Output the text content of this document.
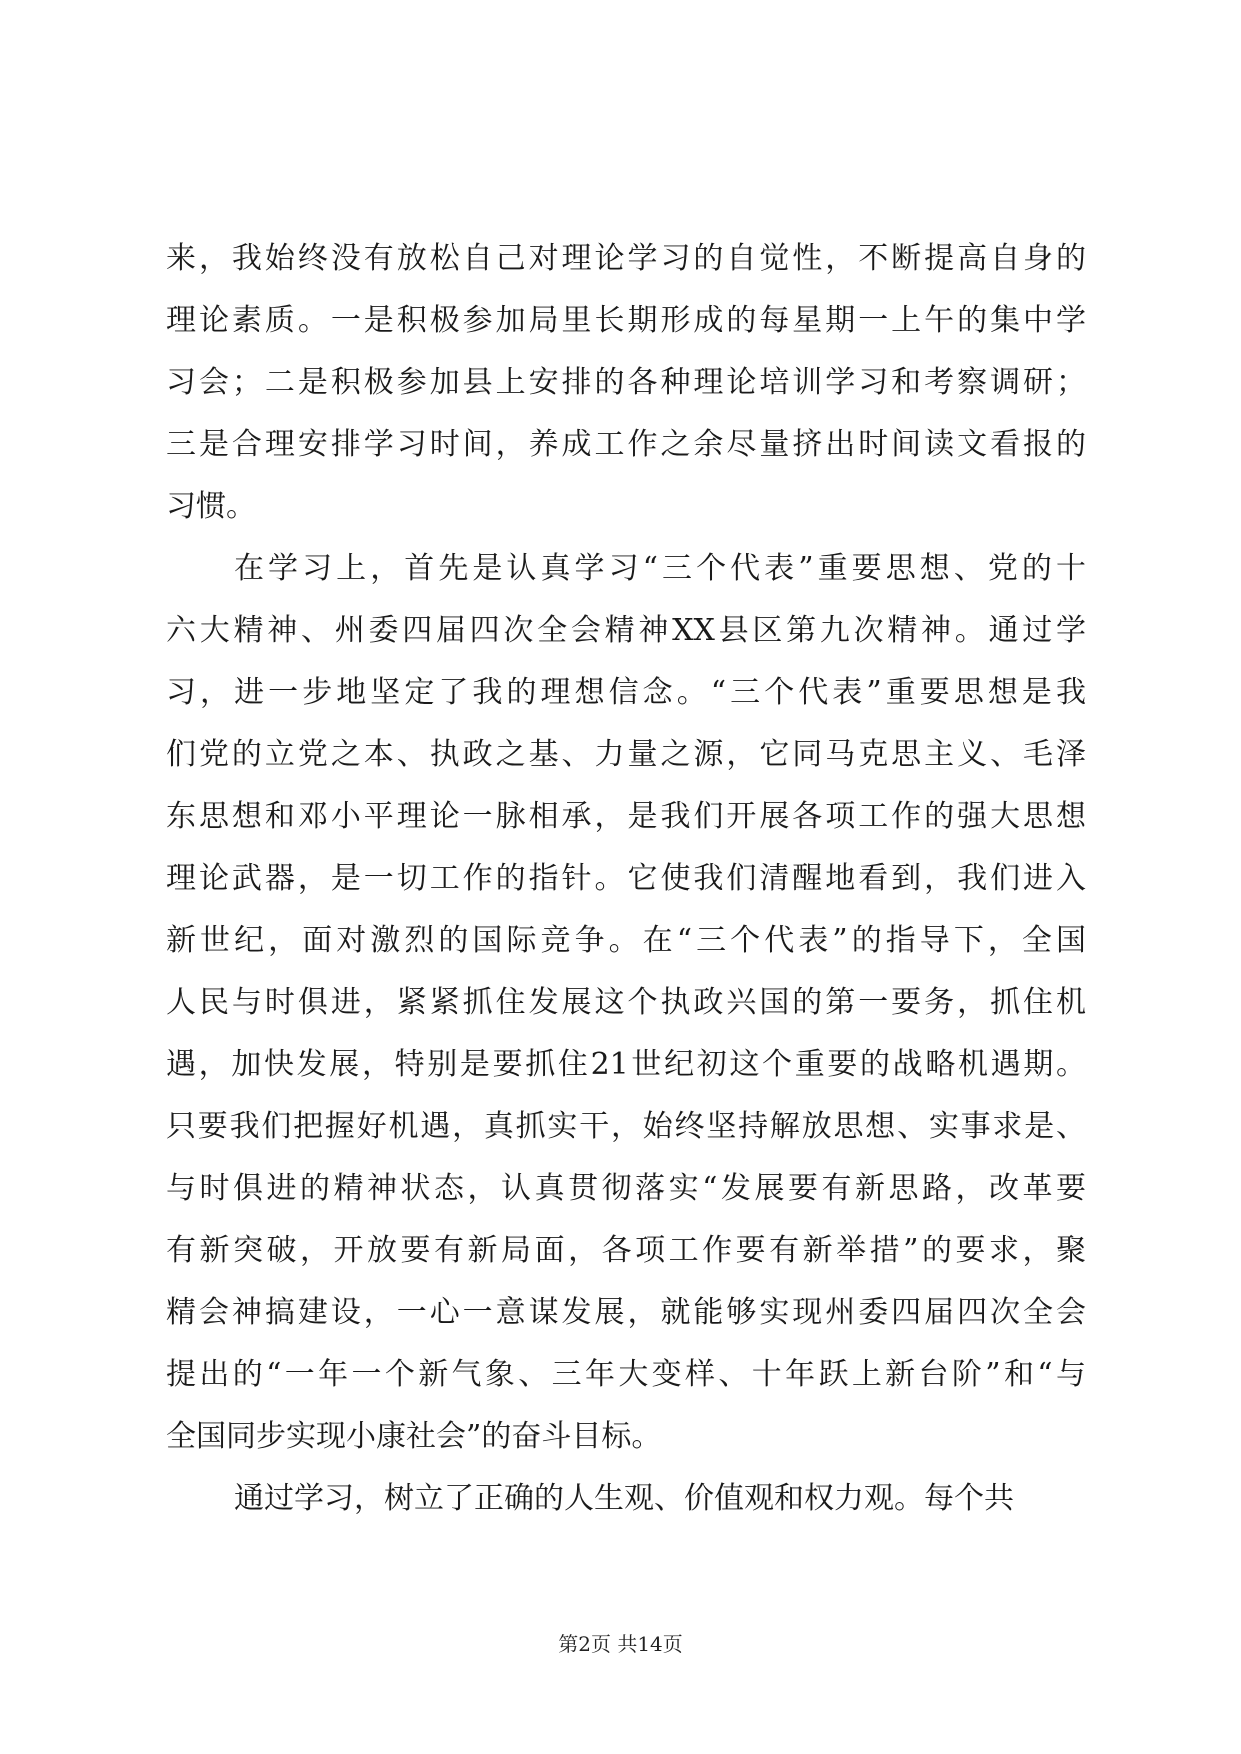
来，我始终没有放松自己对理论学习的自觉性，不断提高自身的
理论素质。一是积极参加局里长期形成的每星期一上午的集中学
习会；二是积极参加县上安排的各种理论培训学习和考察调研；
三是合理安排学习时间，养成工作之余尽量挤出时间读文看报的
习惯。
在学习上，首先是认真学习“三个代表”重要思想、党的十
六大精神、州委四届四次全会精神XX县区第九次精神。通过学
习，进一步地坚定了我的理想信念。“三个代表”重要思想是我
们党的立党之本、执政之基、力量之源，它同马克思主义、毛泽
东思想和邓小平理论一脉相承，是我们开展各项工作的强大思想
理论武器，是一切工作的指针。它使我们清醒地看到，我们进入
新世纪，面对激烈的国际竞争。在“三个代表”的指导下，全国
人民与时俱进，紧紧抓住发展这个执政兴国的第一要务，抓住机
遇，加快发展，特别是要抓住21世纪初这个重要的战略机遇期。
只要我们把握好机遇，真抓实干，始终坚持解放思想、实事求是、
与时俱进的精神状态，认真贯彻落实“发展要有新思路，改革要
有新突破，开放要有新局面，各项工作要有新举措”的要求，聚
精会神搞建设，一心一意谋发展，就能够实现州委四届四次全会
提出的“一年一个新气象、三年大变样、十年跃上新台阶”和“与
全国同步实现小康社会”的奋斗目标。
通过学习，树立了正确的人生观、价值观和权力观。每个共
第2页 共14页
